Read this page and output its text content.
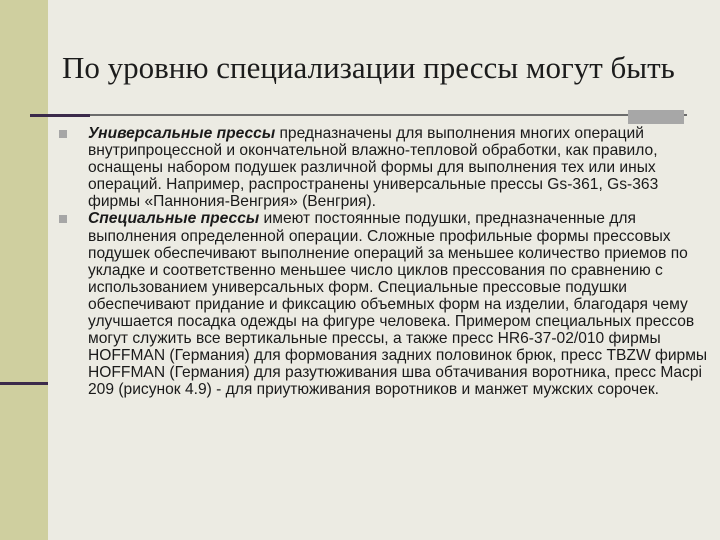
По уровню специализации прессы могут быть
Универсальные прессы предназначены для выполнения многих операций внутрипроцессной и окончательной влажно-тепловой обработки, как правило, оснащены набором подушек различной формы для выполнения тех или иных операций. Например, распространены универсальные прессы Gs-361, Gs-363 фирмы «Паннония-Венгрия» (Венгрия).
Специальные прессы имеют постоянные подушки, предназначенные для выполнения определенной операции. Сложные профильные формы прессовых подушек обеспечивают выполнение операций за меньшее количество приемов по укладке и соответственно меньшее число циклов прессования по сравнению с использованием универсальных форм. Специальные прессовые подушки обеспечивают придание и фиксацию объемных форм на изделии, благодаря чему улучшается посадка одежды на фигуре человека. Примером специальных прессов могут служить все вертикальные прессы, а также пресс HR6-37-02/010 фирмы HOFFMAN (Германия) для формования задних половинок брюк, пресс TBZW фирмы HOFFMAN (Германия) для разутюживания шва обтачивания воротника, пресс Macpi 209 (рисунок 4.9) - для приутюживания воротников и манжет мужских сорочек.
